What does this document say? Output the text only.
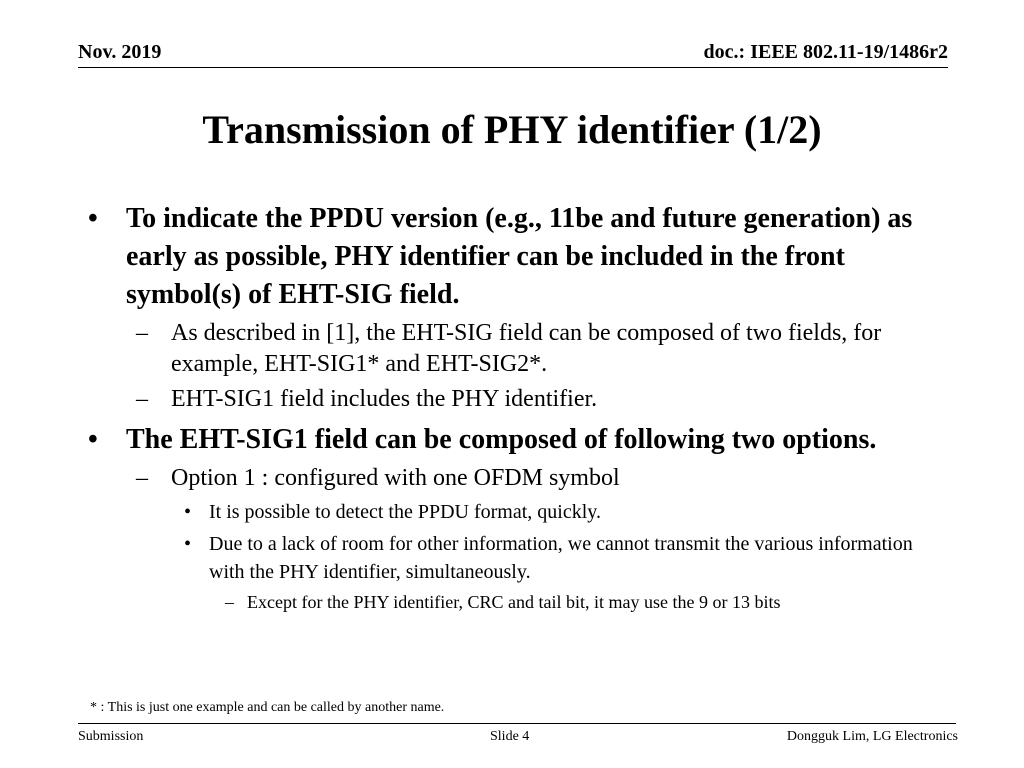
Nov. 2019	doc.: IEEE 802.11-19/1486r2
Transmission of PHY identifier (1/2)

• To indicate the PPDU version (e.g., 11be and future generation) as early as possible, PHY identifier can be included in the front symbol(s) of EHT-SIG field.

– As described in [1], the EHT-SIG field can be composed of two fields, for example, EHT-SIG1* and EHT-SIG2*.

– EHT-SIG1 field includes the PHY identifier.

• The EHT-SIG1 field can be composed of following two options.

– Option 1 : configured with one OFDM symbol

• It is possible to detect the PPDU format, quickly.

• Due to a lack of room for other information, we cannot transmit the various information with the PHY identifier, simultaneously.

– Except for the PHY identifier, CRC and tail bit, it may use the 9 or 13 bits

* : This is just one example and can be called by another name.
Submission	Slide 4	Dongguk Lim, LG Electronics
